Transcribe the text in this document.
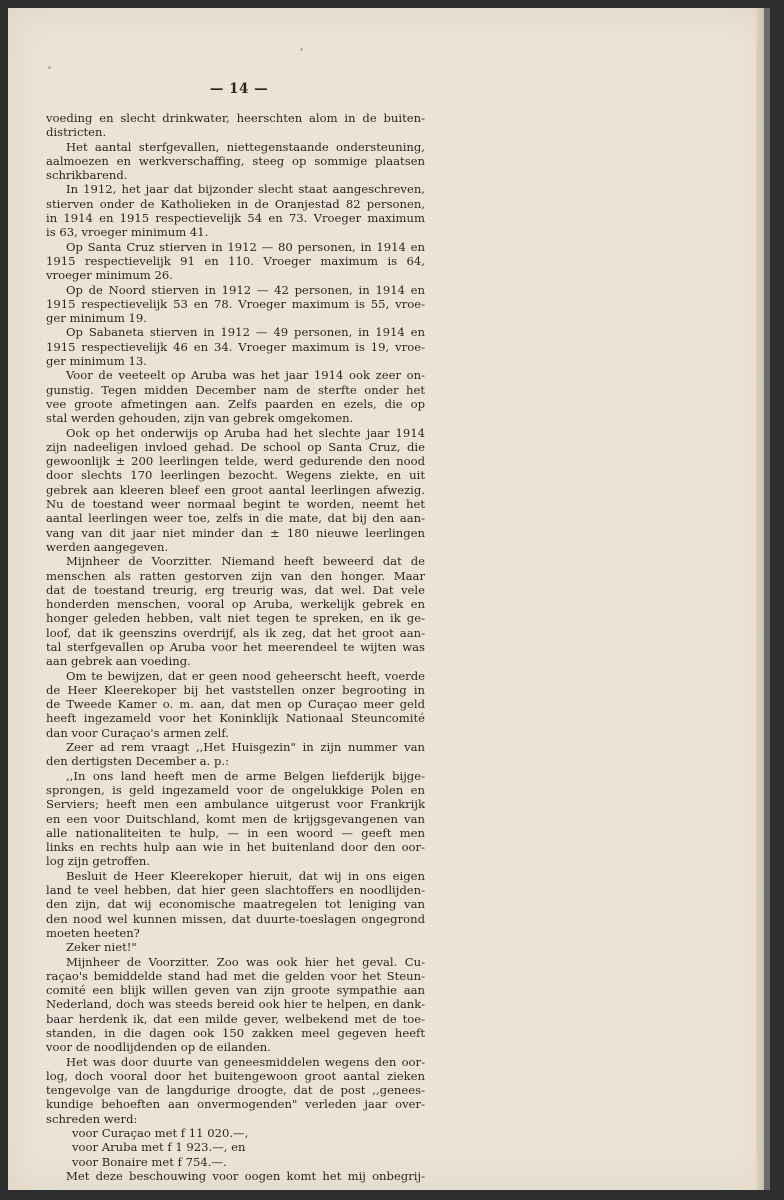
— 14 —
voeding en slecht drinkwater, heerschten alom in de buiten-
districten.
Het aantal sterfgevallen, niettegenstaande ondersteuning,
aalmoezen en werkverschaffing, steeg op sommige plaatsen
schrikbarend.
In 1912, het jaar dat bijzonder slecht staat aangeschreven,
stierven onder de Katholieken in de Oranjestad 82 personen,
in 1914 en 1915 respectievelijk 54 en 73. Vroeger maximum
is 63, vroeger minimum 41.
Op Santa Cruz stierven in 1912 — 80 personen, in 1914 en
1915 respectievelijk 91 en 110. Vroeger maximum is 64,
vroeger minimum 26.
Op de Noord stierven in 1912 — 42 personen, in 1914 en
1915 respectievelijk 53 en 78. Vroeger maximum is 55, vroe-
ger minimum 19.
Op Sabaneta stierven in 1912 — 49 personen, in 1914 en
1915 respectievelijk 46 en 34. Vroeger maximum is 19, vroe-
ger minimum 13.
Voor de veeteelt op Aruba was het jaar 1914 ook zeer on-
gunstig. Tegen midden December nam de sterfte onder het
vee groote afmetingen aan. Zelfs paarden en ezels, die op
stal werden gehouden, zijn van gebrek omgekomen.
Ook op het onderwijs op Aruba had het slechte jaar 1914
zijn nadeeligen invloed gehad. De school op Santa Cruz, die
gewoonlijk ± 200 leerlingen telde, werd gedurende den nood
door slechts 170 leerlingen bezocht. Wegens ziekte, en uit
gebrek aan kleeren bleef een groot aantal leerlingen afwezig.
Nu de toestand weer normaal begint te worden, neemt het
aantal leerlingen weer toe, zelfs in die mate, dat bij den aan-
vang van dit jaar niet minder dan ± 180 nieuwe leerlingen
werden aangegeven.
Mijnheer de Voorzitter. Niemand heeft beweerd dat de
menschen als ratten gestorven zijn van den honger. Maar
dat de toestand treurig, erg treurig was, dat wel. Dat vele
honderden menschen, vooral op Aruba, werkelijk gebrek en
honger geleden hebben, valt niet tegen te spreken, en ik ge-
loof, dat ik geenszins overdrijf, als ik zeg, dat het groot aan-
tal sterfgevallen op Aruba voor het meerendeel te wijten was
aan gebrek aan voeding.
Om te bewijzen, dat er geen nood geheerscht heeft, voerde
de Heer Kleerekoper bij het vaststellen onzer begrooting in
de Tweede Kamer o. m. aan, dat men op Curaçao meer geld
heeft ingezameld voor het Koninklijk Nationaal Steuncomité
dan voor Curaçao's armen zelf.
Zeer ad rem vraagt ,,Het Huisgezin" in zijn nummer van
den dertigsten December a. p.:
,,In ons land heeft men de arme Belgen liefderijk bijge-
sprongen, is geld ingezameld voor de ongelukkige Polen en
Serviers; heeft men een ambulance uitgerust voor Frankrijk
en een voor Duitschland, komt men de krijgsgevangenen van
alle nationaliteiten te hulp, — in een woord — geeft men
links en rechts hulp aan wie in het buitenland door den oor-
log zijn getroffen.
Besluit de Heer Kleerekoper hieruit, dat wij in ons eigen
land te veel hebben, dat hier geen slachtoffers en noodlijden-
den zijn, dat wij economische maatregelen tot leniging van
den nood wel kunnen missen, dat duurte-toeslagen ongegrond
moeten heeten?
Zeker niet!"
Mijnheer de Voorzitter. Zoo was ook hier het geval. Cu-
raçao's bemiddelde stand had met die gelden voor het Steun-
comité een blijk willen geven van zijn groote sympathie aan
Nederland, doch was steeds bereid ook hier te helpen, en dank-
baar herdenk ik, dat een milde gever, welbekend met de toe-
standen, in die dagen ook 150 zakken meel gegeven heeft
voor de noodlijdenden op de eilanden.
Het was door duurte van geneesmiddelen wegens den oor-
log, doch vooral door het buitengewoon groot aantal zieken
tengevolge van de langdurige droogte, dat de post ,,genees-
kundige behoeften aan onvermogenden" verleden jaar over-
schreden werd:
voor Curaçao met f 11 020.—,
voor Aruba met f 1 923.—, en
voor Bonaire met f 754.—.
Met deze beschouwing voor oogen komt het mij onbegrij-
